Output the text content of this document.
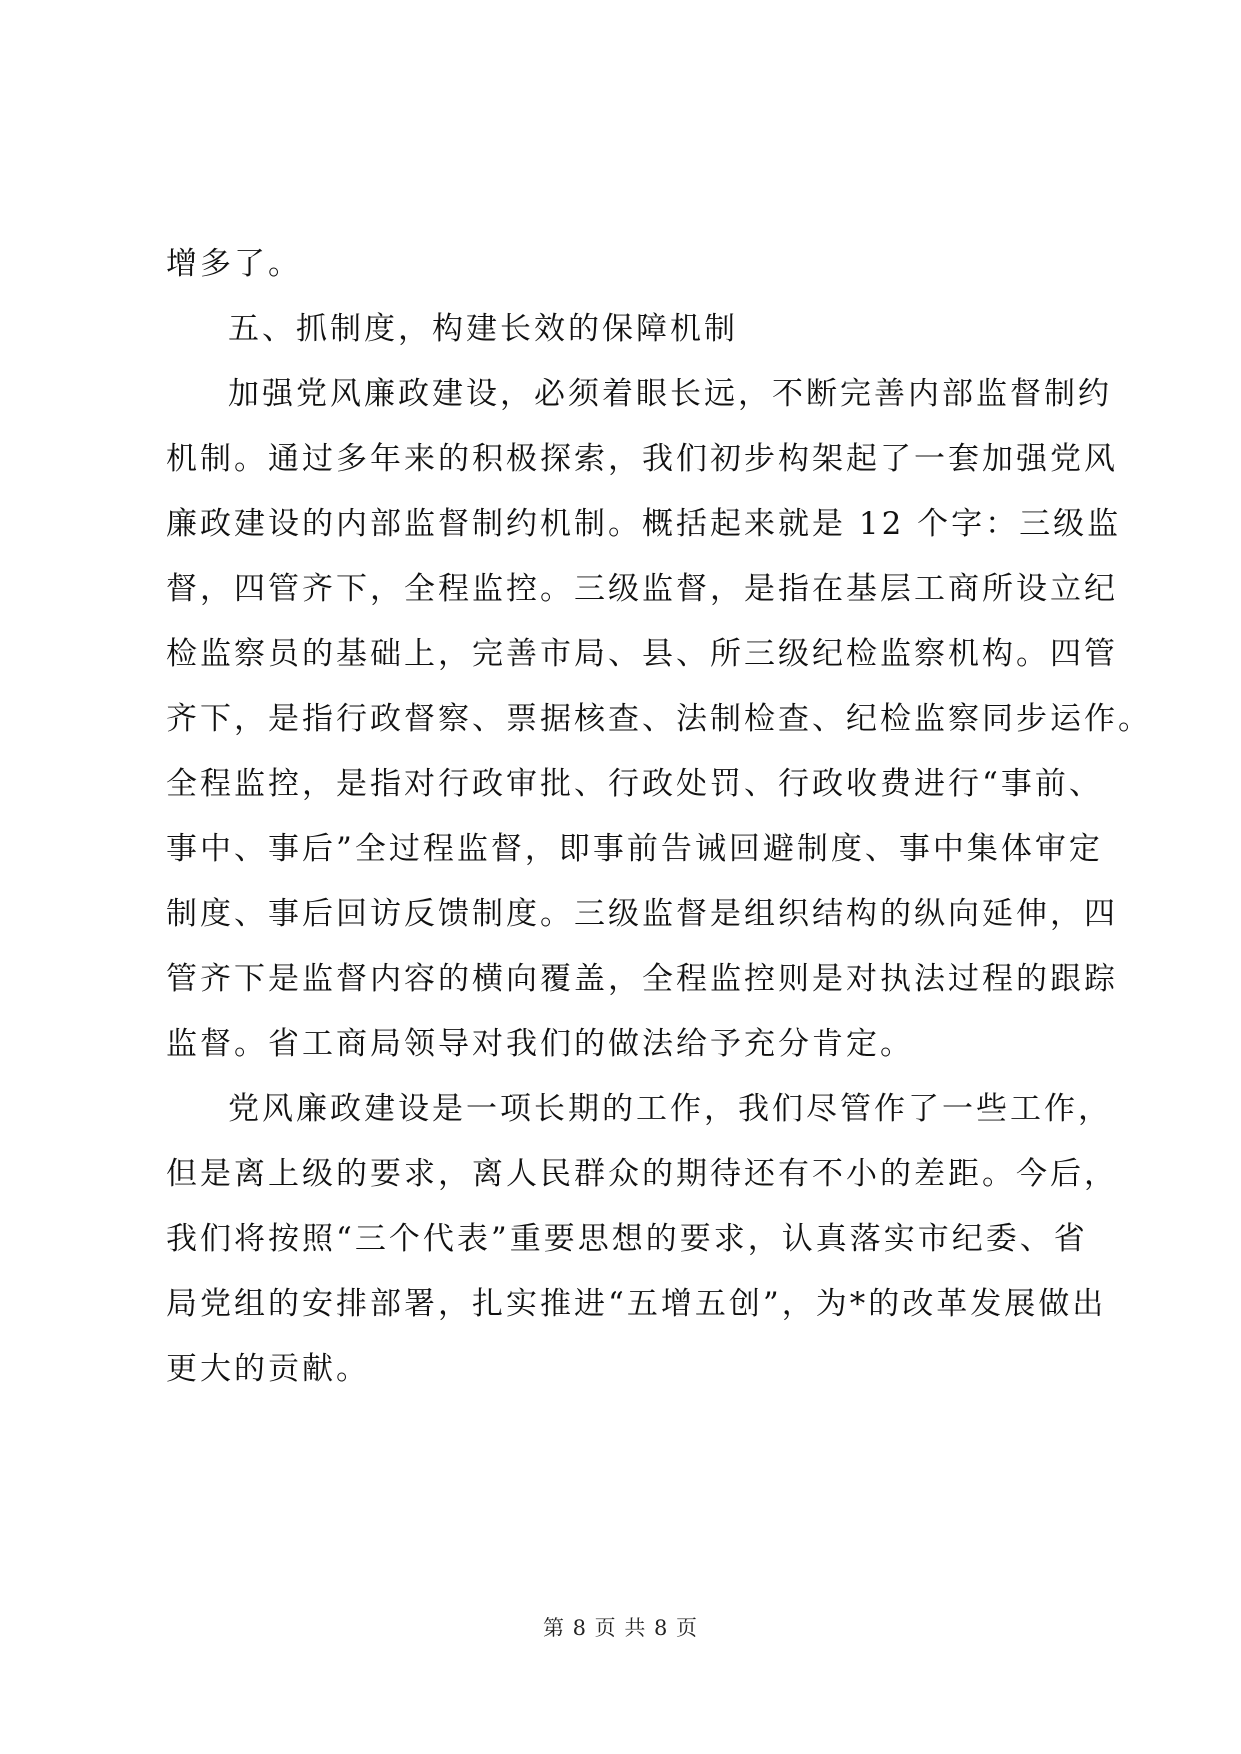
增多了。
五、抓制度，构建长效的保障机制
加强党风廉政建设，必须着眼长远，不断完善内部监督制约
机制。通过多年来的积极探索，我们初步构架起了一套加强党风
廉政建设的内部监督制约机制。概括起来就是 12 个字：三级监
督，四管齐下，全程监控。三级监督，是指在基层工商所设立纪
检监察员的基础上，完善市局、县、所三级纪检监察机构。四管
齐下，是指行政督察、票据核查、法制检查、纪检监察同步运作。
全程监控，是指对行政审批、行政处罚、行政收费进行“事前、
事中、事后”全过程监督，即事前告诫回避制度、事中集体审定
制度、事后回访反馈制度。三级监督是组织结构的纵向延伸，四
管齐下是监督内容的横向覆盖，全程监控则是对执法过程的跟踪
监督。省工商局领导对我们的做法给予充分肯定。
党风廉政建设是一项长期的工作，我们尽管作了一些工作，
但是离上级的要求，离人民群众的期待还有不小的差距。今后，
我们将按照“三个代表”重要思想的要求，认真落实市纪委、省
局党组的安排部署，扎实推进“五增五创”，为*的改革发展做出
更大的贡献。
第 8 页 共 8 页
